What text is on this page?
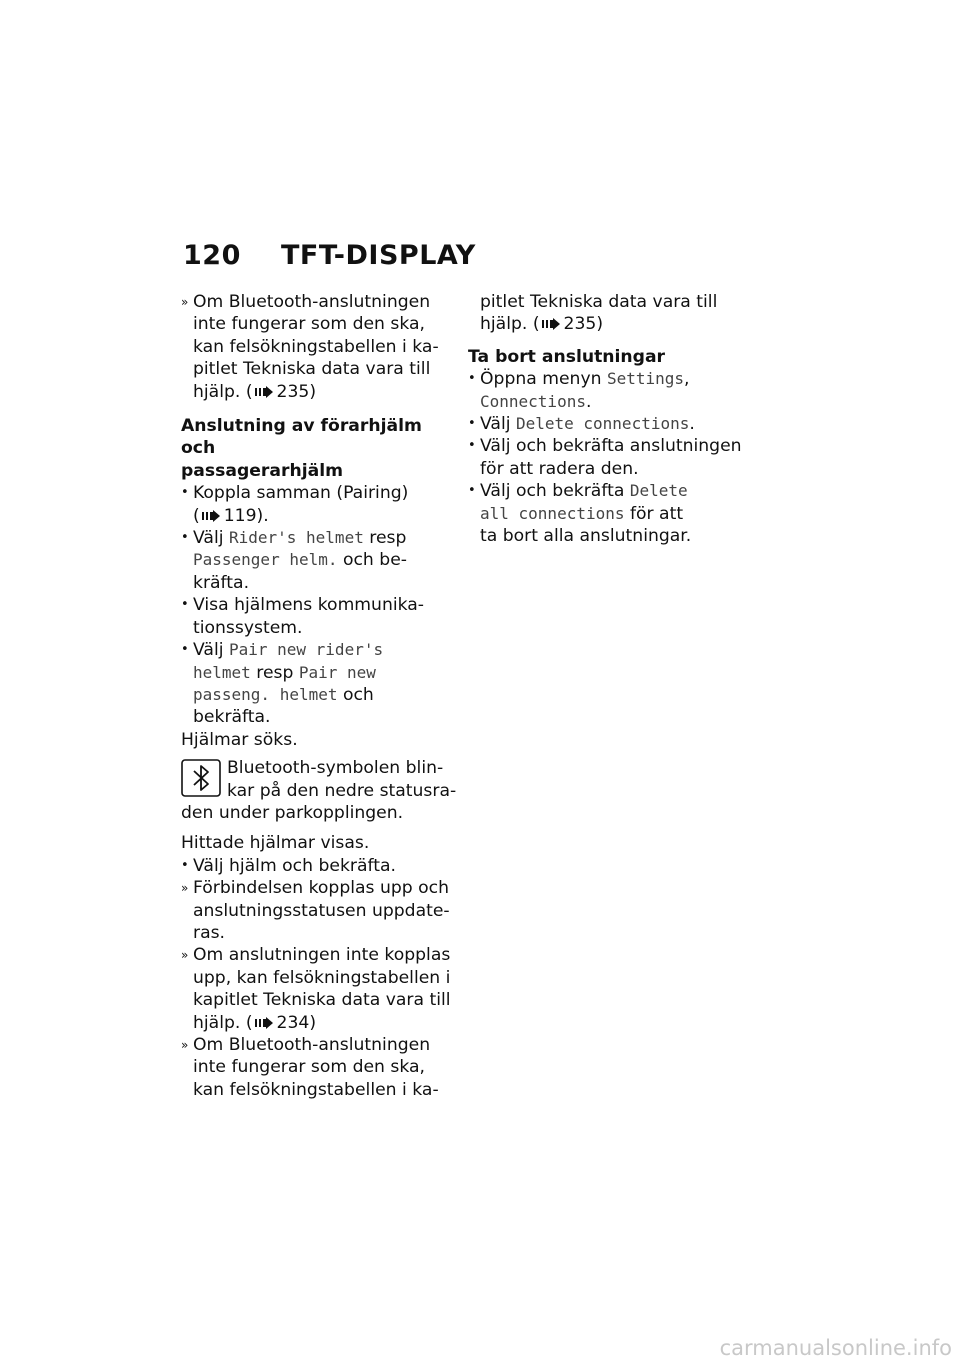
120 TFT-DISPLAY
» Om Bluetooth-anslutningen
inte fungerar som den ska,
kan felsökningstabellen i ka-
pitlet Tekniska data vara till
hjälp. ( 235)
Anslutning av förarhjälm och
passagerarhjälm
• Koppla samman (Pairing)
( 119).
• Välj Rider's helmet resp
Passenger helm. och be-
kräfta.
• Visa hjälmens kommunika-
tionssystem.
• Välj Pair new rider's
helmet resp Pair new
passeng. helmet och
bekräfta.
Hjälmar söks.
Bluetooth-symbolen blin-
kar på den nedre statusra-
den under parkopplingen.
Hittade hjälmar visas.
• Välj hjälm och bekräfta.
» Förbindelsen kopplas upp och
anslutningsstatusen uppdate-
ras.
» Om anslutningen inte kopplas
upp, kan felsökningstabellen i
kapitlet Tekniska data vara till
hjälp. ( 234)
» Om Bluetooth-anslutningen
inte fungerar som den ska,
kan felsökningstabellen i ka-
pitlet Tekniska data vara till
hjälp. ( 235)
Ta bort anslutningar
• Öppna menyn Settings,
Connections.
• Välj Delete connections.
• Välj och bekräfta anslutningen
för att radera den.
• Välj och bekräfta Delete
all connections för att
ta bort alla anslutningar.
carmanualsonline.info
